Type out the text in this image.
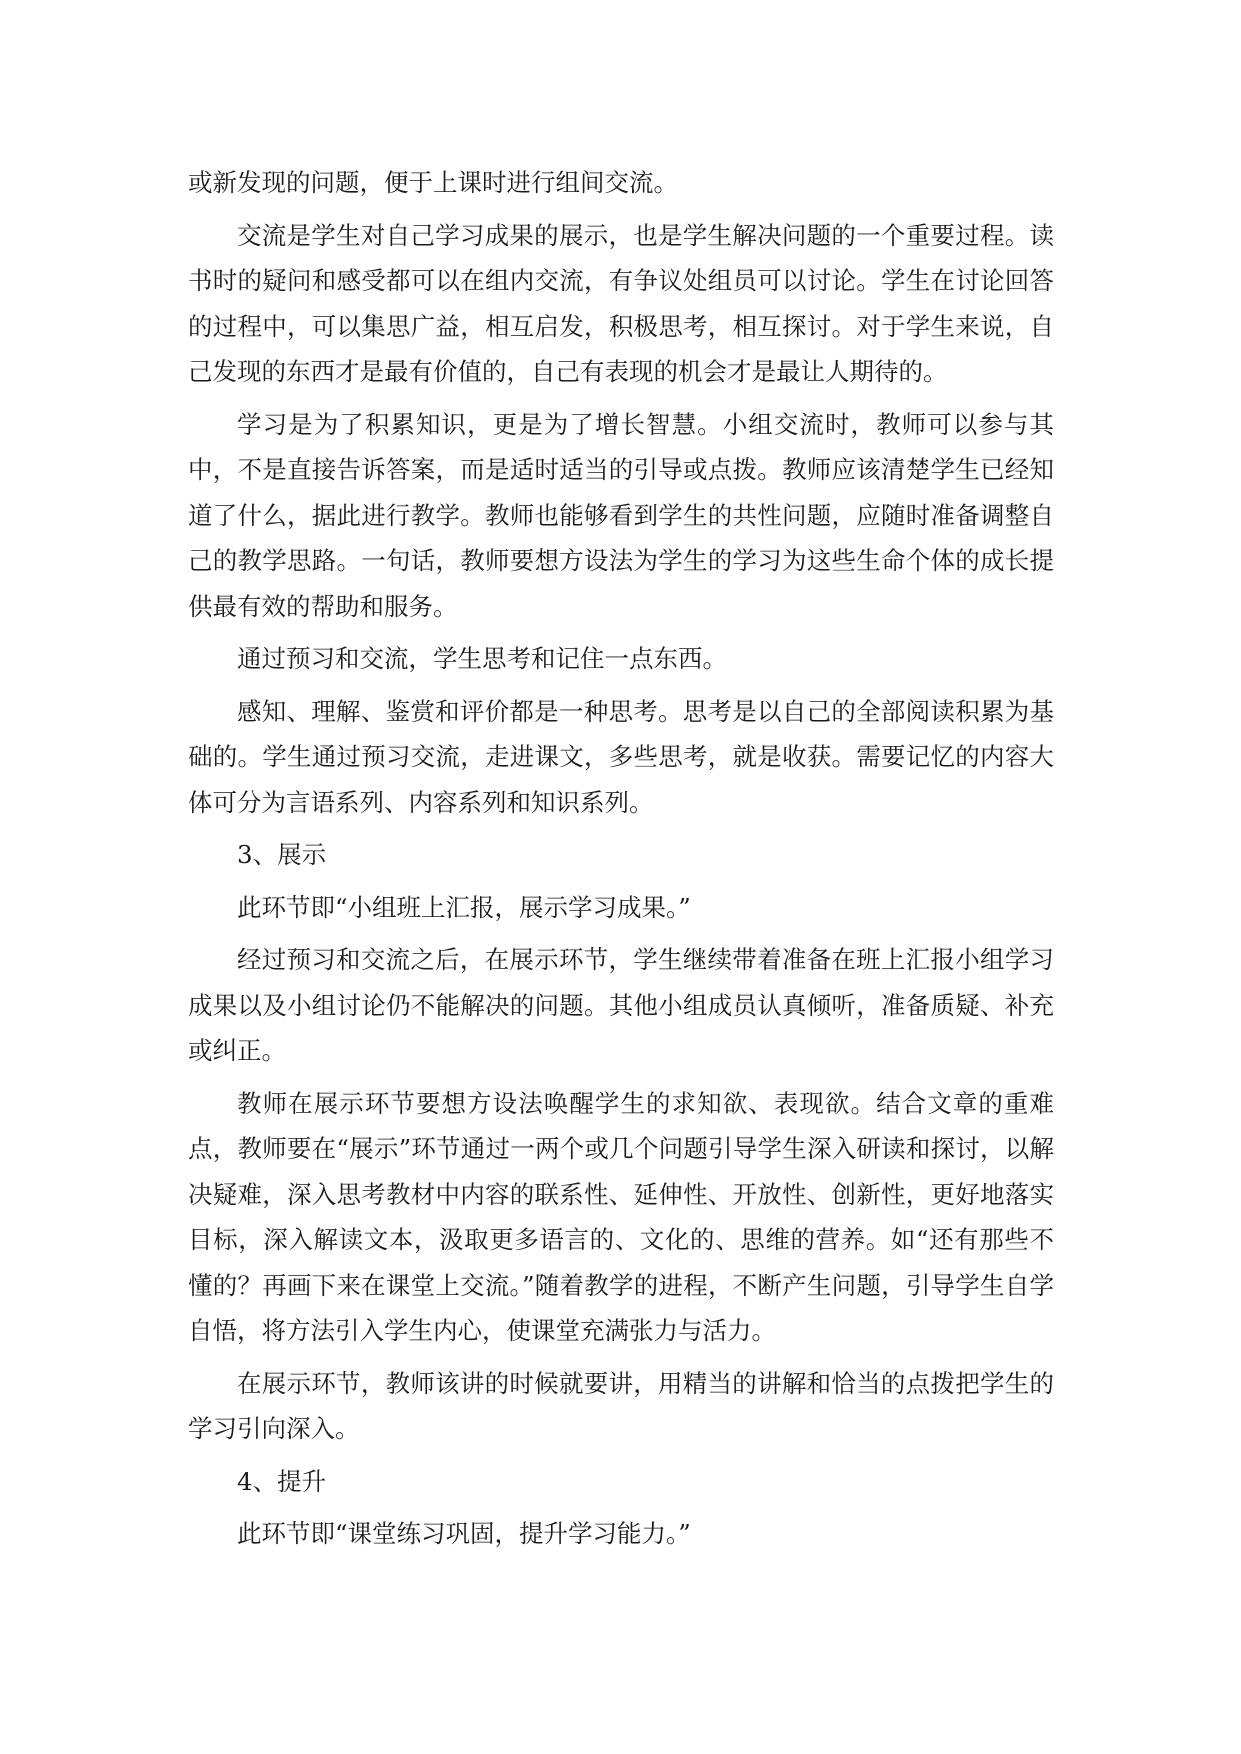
或新发现的问题，便于上课时进行组间交流。

交流是学生对自己学习成果的展示，也是学生解决问题的一个重要过程。读书时的疑问和感受都可以在组内交流，有争议处组员可以讨论。学生在讨论回答的过程中，可以集思广益，相互启发，积极思考，相互探讨。对于学生来说，自己发现的东西才是最有价值的，自己有表现的机会才是最让人期待的。

学习是为了积累知识，更是为了增长智慧。小组交流时，教师可以参与其中，不是直接告诉答案，而是适时适当的引导或点拨。教师应该清楚学生已经知道了什么，据此进行教学。教师也能够看到学生的共性问题，应随时准备调整自己的教学思路。一句话，教师要想方设法为学生的学习为这些生命个体的成长提供最有效的帮助和服务。

通过预习和交流，学生思考和记住一点东西。

感知、理解、鉴赏和评价都是一种思考。思考是以自己的全部阅读积累为基础的。学生通过预习交流，走进课文，多些思考，就是收获。需要记忆的内容大体可分为言语系列、内容系列和知识系列。

3、展示

此环节即“小组班上汇报，展示学习成果。”

经过预习和交流之后，在展示环节，学生继续带着准备在班上汇报小组学习成果以及小组讨论仍不能解决的问题。其他小组成员认真倾听，准备质疑、补充或纠正。

教师在展示环节要想方设法唤醒学生的求知欲、表现欲。结合文章的重难点，教师要在“展示”环节通过一两个或几个问题引导学生深入研读和探讨，以解决疑难，深入思考教材中内容的联系性、延伸性、开放性、创新性，更好地落实目标，深入解读文本，汲取更多语言的、文化的、思维的营养。如“还有那些不懂的？再画下来在课堂上交流。”随着教学的进程，不断产生问题，引导学生自学自悟，将方法引入学生内心，使课堂充满张力与活力。

在展示环节，教师该讲的时候就要讲，用精当的讲解和恰当的点拨把学生的学习引向深入。

4、提升

此环节即“课堂练习巩固，提升学习能力。”
